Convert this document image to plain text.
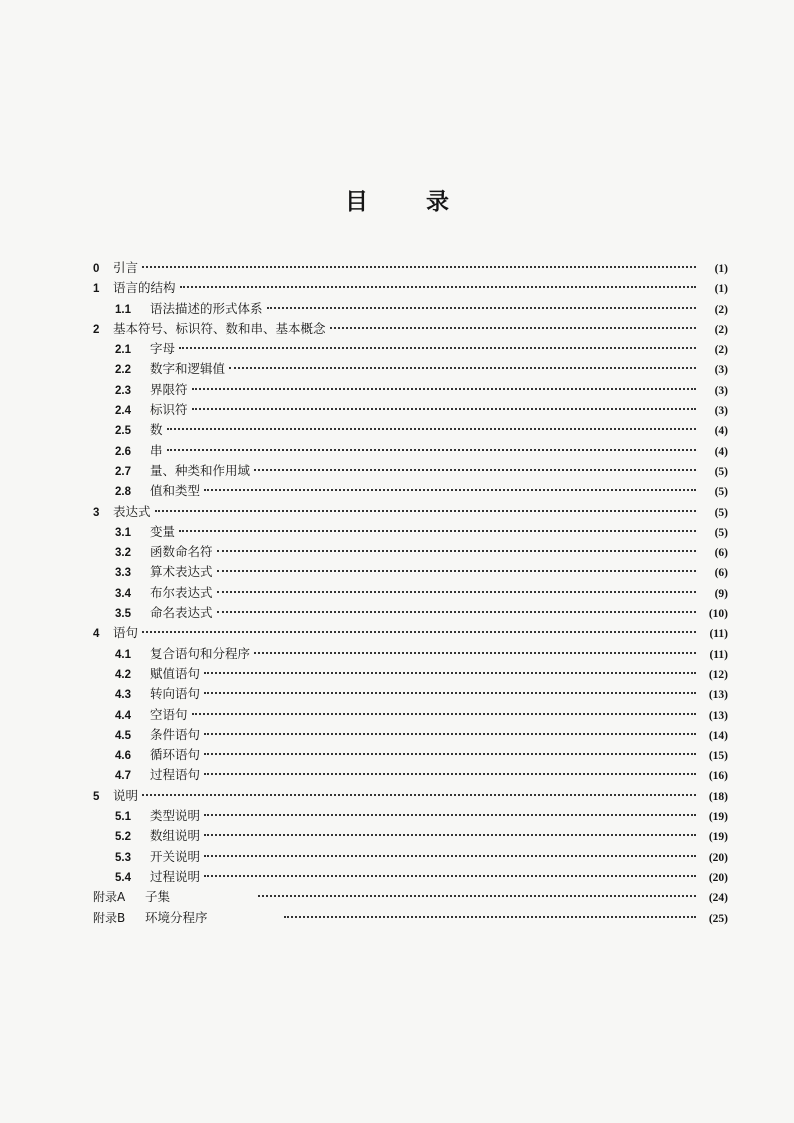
目	录
0	引言	(1)
1	语言的结构	(1)
1.1	语法描述的形式体系	(2)
2	基本符号、标识符、数和串、基本概念	(2)
2.1	字母	(2)
2.2	数字和逻辑值	(3)
2.3	界限符	(3)
2.4	标识符	(3)
2.5	数	(4)
2.6	串	(4)
2.7	量、种类和作用域	(5)
2.8	值和类型	(5)
3	表达式	(5)
3.1	变量	(5)
3.2	函数命名符	(6)
3.3	算术表达式	(6)
3.4	布尔表达式	(9)
3.5	命名表达式	(10)
4	语句	(11)
4.1	复合语句和分程序	(11)
4.2	赋值语句	(12)
4.3	转向语句	(13)
4.4	空语句	(13)
4.5	条件语句	(14)
4.6	循环语句	(15)
4.7	过程语句	(16)
5	说明	(18)
5.1	类型说明	(19)
5.2	数组说明	(19)
5.3	开关说明	(20)
5.4	过程说明	(20)
附录A	子集	(24)
附录B	环境分程序	(25)
